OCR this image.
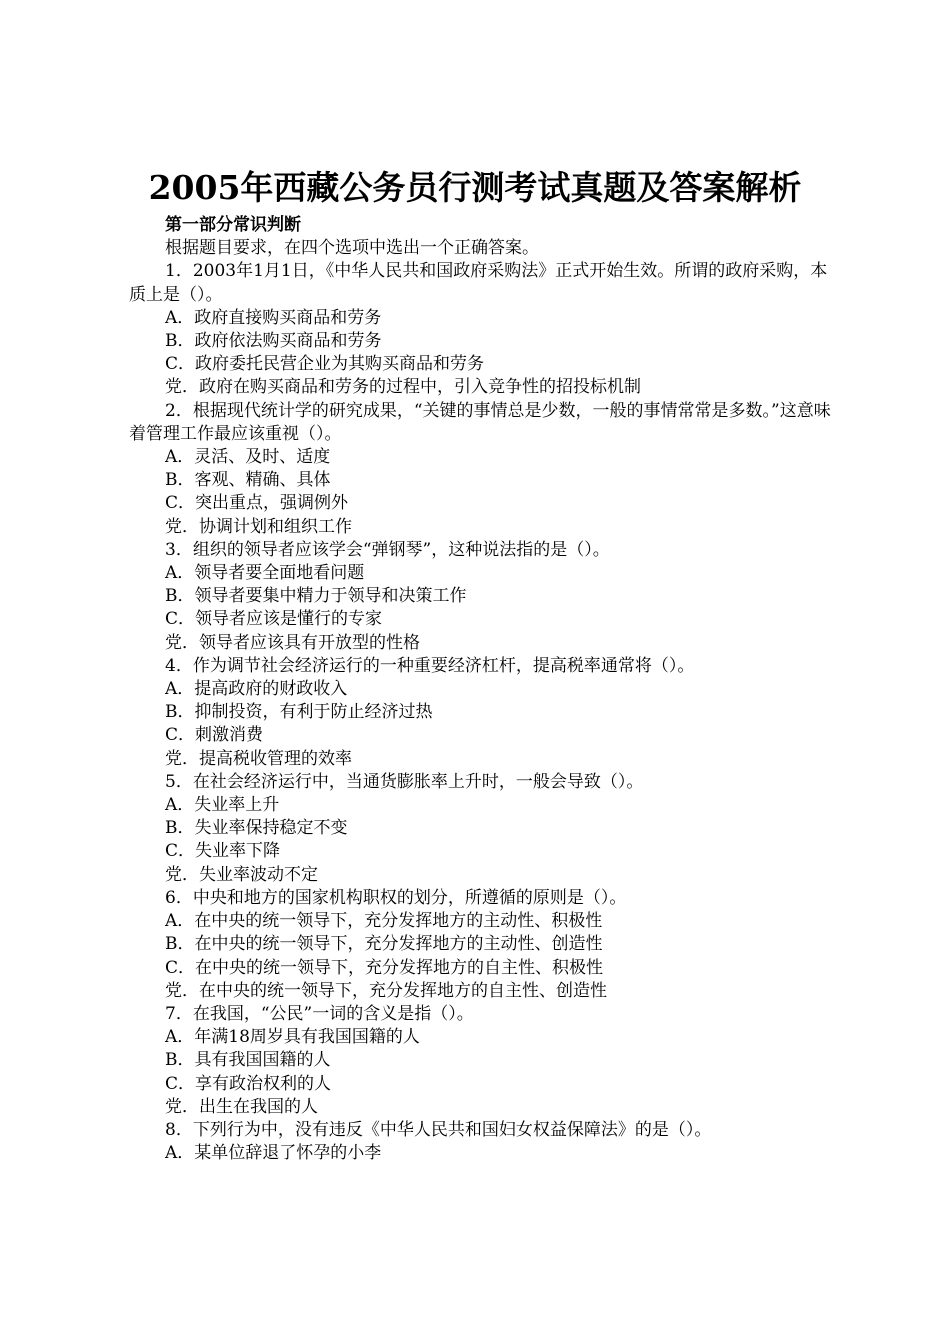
2005年西藏公务员行测考试真题及答案解析

第一部分常识判断

根据题目要求，在四个选项中选出一个正确答案。

1．2003年1月1日，《中华人民共和国政府采购法》正式开始生效。所谓的政府采购，本质上是（）。

A．政府直接购买商品和劳务

B．政府依法购买商品和劳务

C．政府委托民营企业为其购买商品和劳务

党．政府在购买商品和劳务的过程中，引入竞争性的招投标机制

2．根据现代统计学的研究成果，“关键的事情总是少数，一般的事情常常是多数。”这意味着管理工作最应该重视（）。

A．灵活、及时、适度

B．客观、精确、具体

C．突出重点，强调例外

党．协调计划和组织工作

3．组织的领导者应该学会“弹钢琴”，这种说法指的是（）。

A．领导者要全面地看问题

B．领导者要集中精力于领导和决策工作

C．领导者应该是懂行的专家

党．领导者应该具有开放型的性格

4．作为调节社会经济运行的一种重要经济杠杆，提高税率通常将（）。

A．提高政府的财政收入

B．抑制投资，有利于防止经济过热

C．刺激消费

党．提高税收管理的效率

5．在社会经济运行中，当通货膨胀率上升时，一般会导致（）。

A．失业率上升

B．失业率保持稳定不变

C．失业率下降

党．失业率波动不定

6．中央和地方的国家机构职权的划分，所遵循的原则是（）。

A．在中央的统一领导下，充分发挥地方的主动性、积极性

B．在中央的统一领导下，充分发挥地方的主动性、创造性

C．在中央的统一领导下，充分发挥地方的自主性、积极性

党．在中央的统一领导下，充分发挥地方的自主性、创造性

7．在我国，“公民”一词的含义是指（）。

A．年满18周岁具有我国国籍的人

B．具有我国国籍的人

C．享有政治权利的人

党．出生在我国的人

8．下列行为中，没有违反《中华人民共和国妇女权益保障法》的是（）。

A．某单位辞退了怀孕的小李
